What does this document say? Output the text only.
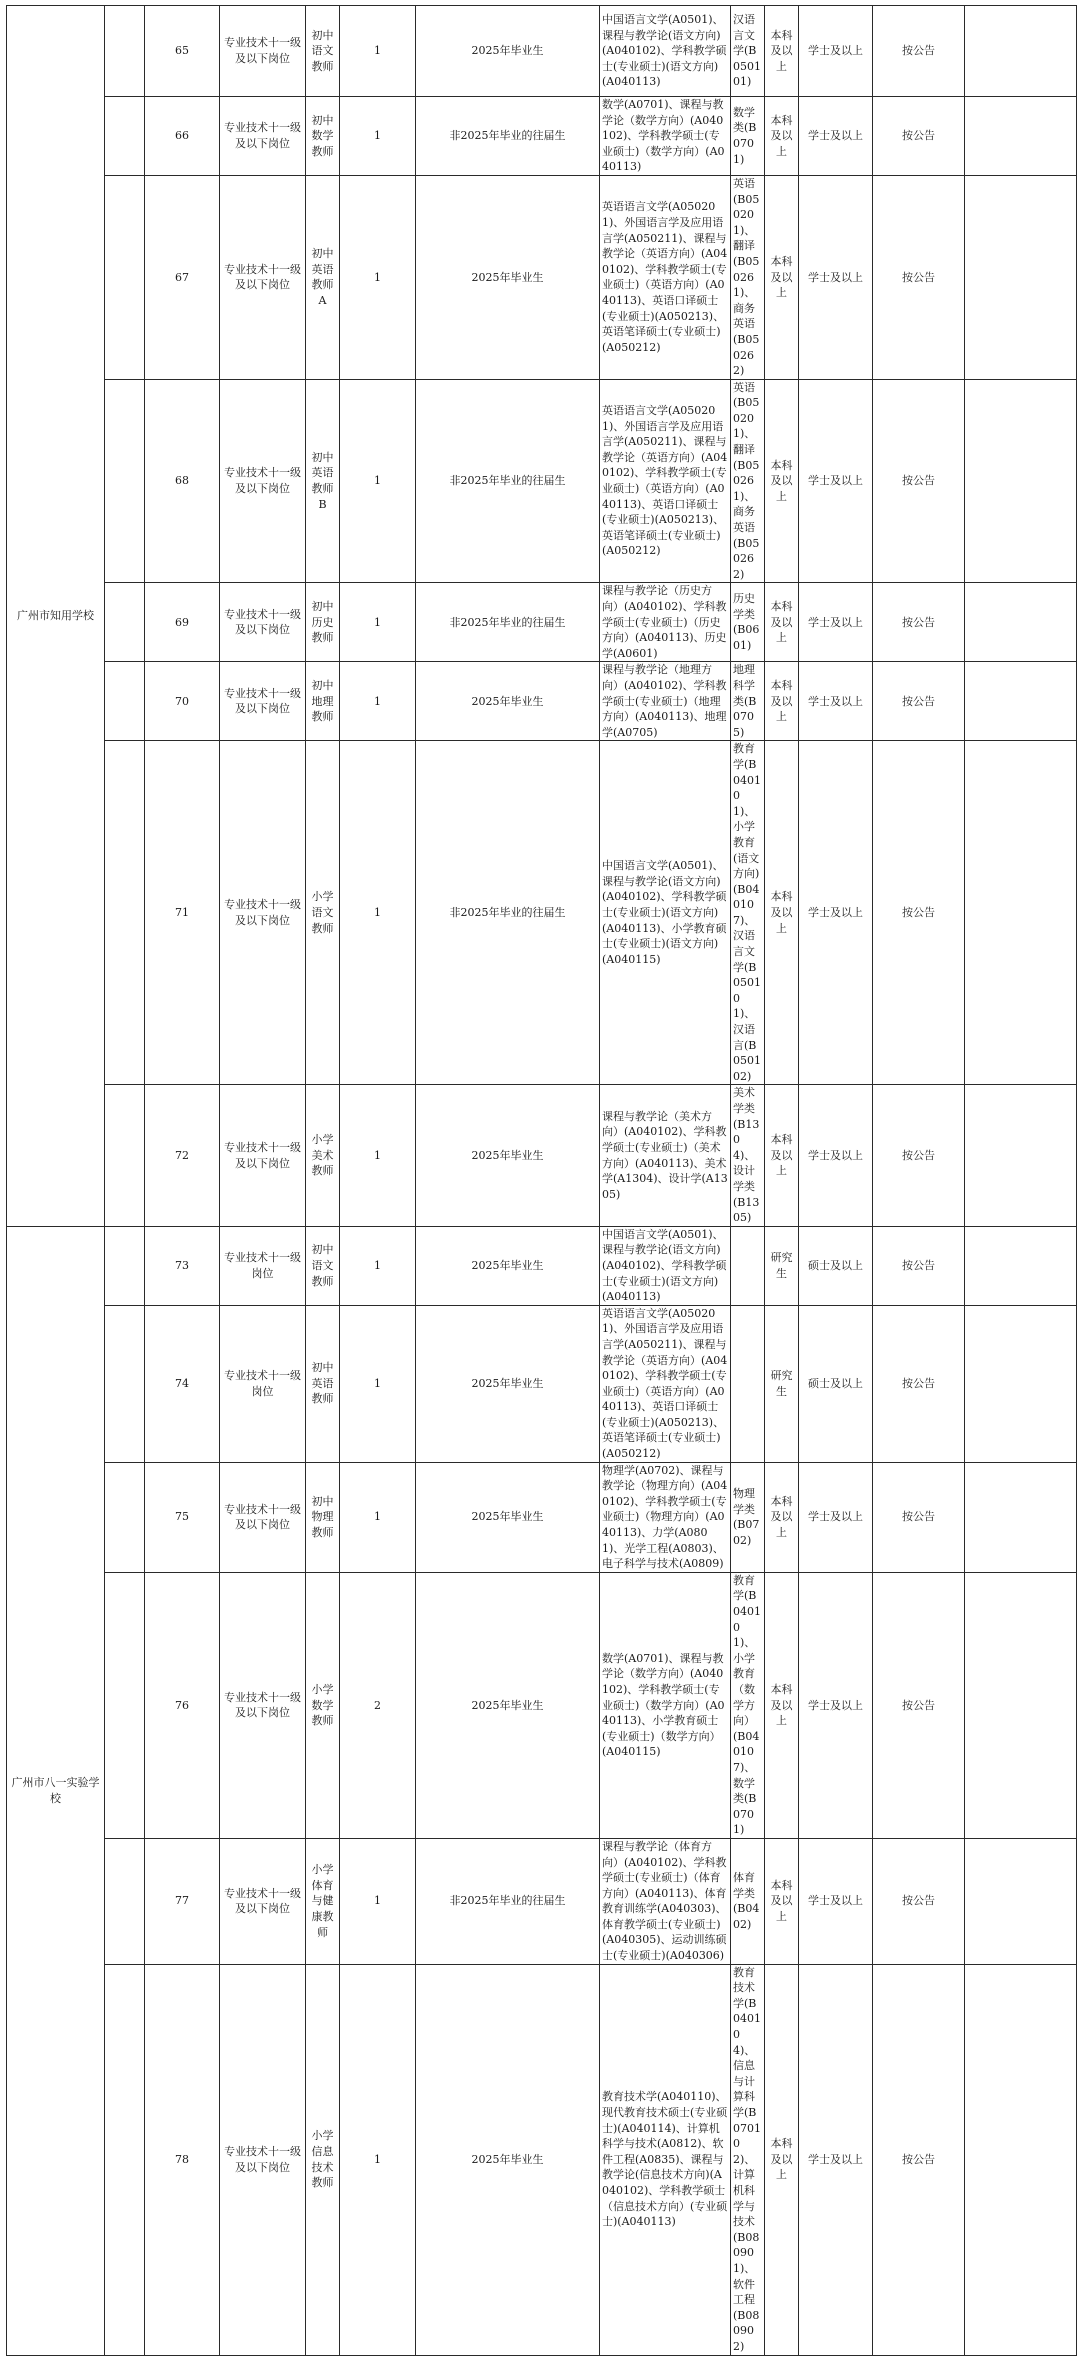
广州市知用学校		65	专业技术十一级及以下岗位	初中语文教师	1	2025年毕业生	中国语言文学(A0501)、课程与教学论(语文方向)(A040102)、学科教学硕士(专业硕士)(语文方向)(A040113)	汉语言文学(B050101)	本科及以上	学士及以上	按公告		

		66	专业技术十一级及以下岗位	初中数学教师	1	非2025年毕业的往届生	数学(A0701)、课程与教学论（数学方向）(A040102)、学科教学硕士(专业硕士)（数学方向）(A040113)	数学类(B0701)	本科及以上	学士及以上	按公告		
		67	专业技术十一级及以下岗位	初中英语教师A	1	2025年毕业生	英语语言文学(A050201)、外国语言学及应用语言学(A050211)、课程与教学论（英语方向）(A040102)、学科教学硕士(专业硕士)（英语方向）(A040113)、英语口译硕士(专业硕士)(A050213)、英语笔译硕士(专业硕士)(A050212)	英语(B050201)、翻译(B050261)、商务英语(B050262)	本科及以上	学士及以上	按公告		
		68	专业技术十一级及以下岗位	初中英语教师B	1	非2025年毕业的往届生	英语语言文学(A050201)、外国语言学及应用语言学(A050211)、课程与教学论（英语方向）(A040102)、学科教学硕士(专业硕士)（英语方向）(A040113)、英语口译硕士(专业硕士)(A050213)、英语笔译硕士(专业硕士)(A050212)	英语(B050201)、翻译(B050261)、商务英语(B050262)	本科及以上	学士及以上	按公告		
		69	专业技术十一级及以下岗位	初中历史教师	1	非2025年毕业的往届生	课程与教学论（历史方向）(A040102)、学科教学硕士(专业硕士)（历史方向）(A040113)、历史学(A0601)	历史学类(B0601)	本科及以上	学士及以上	按公告		
		70	专业技术十一级及以下岗位	初中地理教师	1	2025年毕业生	课程与教学论（地理方向）(A040102)、学科教学硕士(专业硕士)（地理方向）(A040113)、地理学(A0705)	地理科学类(B0705)	本科及以上	学士及以上	按公告		
		71	专业技术十一级及以下岗位	小学语文教师	1	非2025年毕业的往届生	中国语言文学(A0501)、课程与教学论(语文方向)(A040102)、学科教学硕士(专业硕士)(语文方向)(A040113)、小学教育硕士(专业硕士)(语文方向)(A040115)	教育学(B040101)、小学教育(语文方向)(B040107)、汉语言文学(B050101)、汉语言(B050102)	本科及以上	学士及以上	按公告		
		72	专业技术十一级及以下岗位	小学美术教师	1	2025年毕业生	课程与教学论（美术方向）(A040102)、学科教学硕士(专业硕士)（美术方向）(A040113)、美术学(A1304)、设计学(A1305)	美术学类(B1304)、设计学类(B1305)	本科及以上	学士及以上	按公告		
广州市八一实验学校		73	专业技术十一级岗位	初中语文教师	1	2025年毕业生	中国语言文学(A0501)、课程与教学论(语文方向)(A040102)、学科教学硕士(专业硕士)(语文方向)(A040113)		研究生	硕士及以上	按公告		

		74	专业技术十一级岗位	初中英语教师	1	2025年毕业生	英语语言文学(A050201)、外国语言学及应用语言学(A050211)、课程与教学论（英语方向）(A040102)、学科教学硕士(专业硕士)（英语方向）(A040113)、英语口译硕士(专业硕士)(A050213)、英语笔译硕士(专业硕士)(A050212)		研究生	硕士及以上	按公告		
		75	专业技术十一级及以下岗位	初中物理教师	1	2025年毕业生	物理学(A0702)、课程与教学论（物理方向）(A040102)、学科教学硕士(专业硕士)（物理方向）(A040113)、力学(A0801)、光学工程(A0803)、电子科学与技术(A0809)	物理学类(B0702)	本科及以上	学士及以上	按公告		
		76	专业技术十一级及以下岗位	小学数学教师	2	2025年毕业生	数学(A0701)、课程与教学论（数学方向）(A040102)、学科教学硕士(专业硕士)（数学方向）(A040113)、小学教育硕士(专业硕士)（数学方向）(A040115)	教育学(B040101)、小学教育（数学方向）(B040107)、数学类(B0701)	本科及以上	学士及以上	按公告		
		77	专业技术十一级及以下岗位	小学体育与健康教师	1	非2025年毕业的往届生	课程与教学论（体育方向）(A040102)、学科教学硕士(专业硕士)（体育方向）(A040113)、体育教育训练学(A040303)、体育教学硕士(专业硕士)(A040305)、运动训练硕士(专业硕士)(A040306)	体育学类(B0402)	本科及以上	学士及以上	按公告		
		78	专业技术十一级及以下岗位	小学信息技术教师	1	2025年毕业生	教育技术学(A040110)、现代教育技术硕士(专业硕士)(A040114)、计算机科学与技术(A0812)、软件工程(A0835)、课程与教学论(信息技术方向)(A040102)、学科教学硕士（信息技术方向）(专业硕士)(A040113)	教育技术学(B040104)、信息与计算科学(B070102)、计算机科学与技术(B080901)、软件工程(B080902)	本科及以上	学士及以上	按公告		
